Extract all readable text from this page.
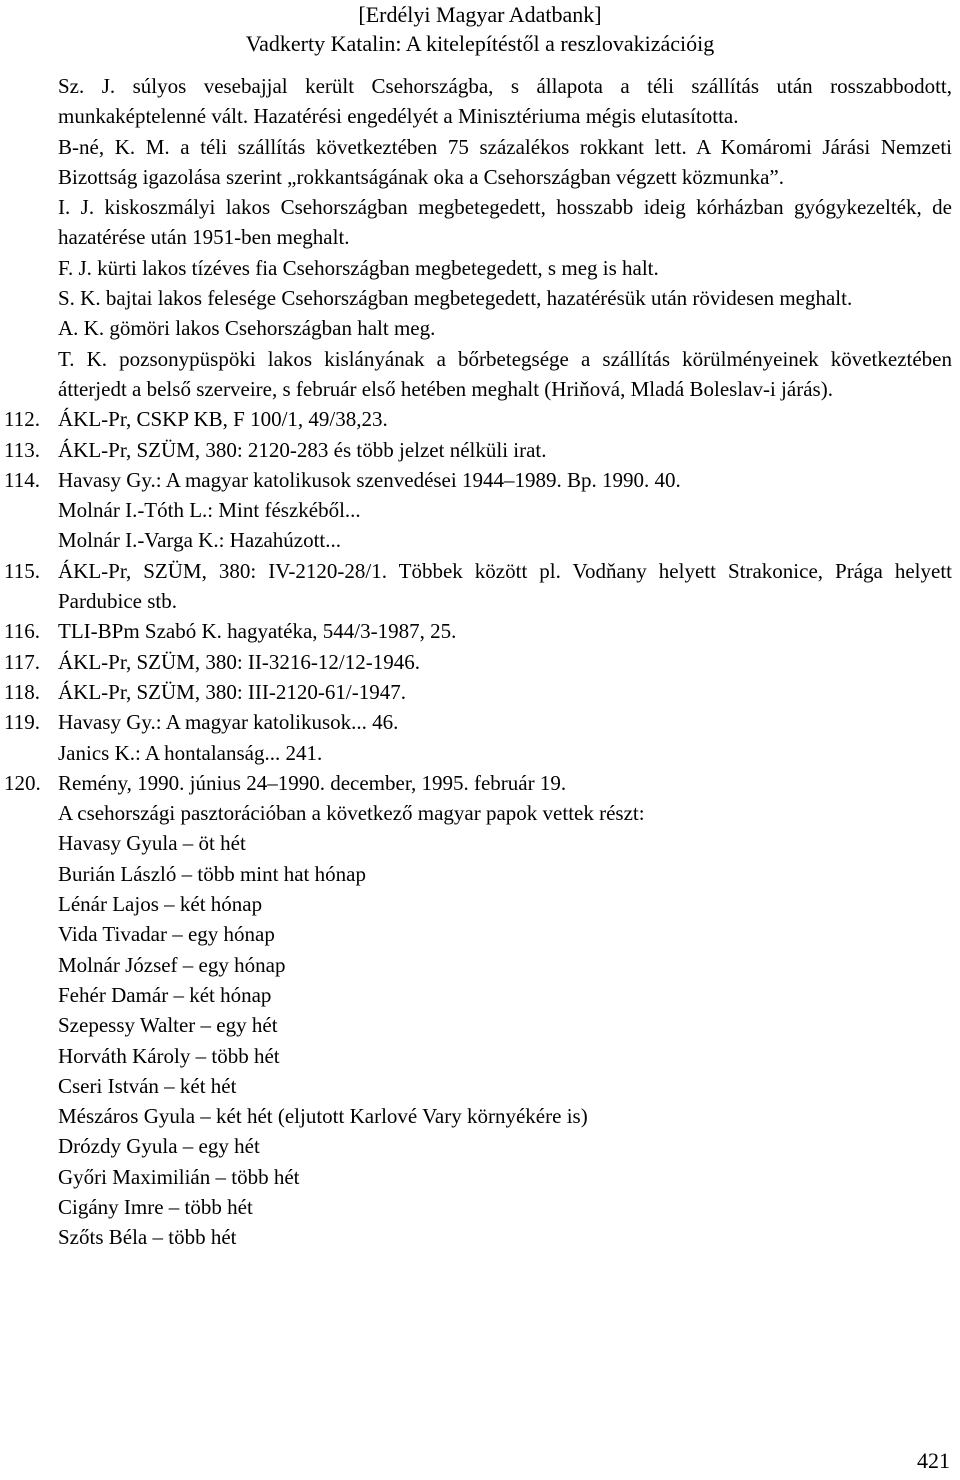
[Erdélyi Magyar Adatbank]
Vadkerty Katalin: A kitelepítéstől a reszlovakizációig
Sz. J. súlyos vesebajjal került Csehországba, s állapota a téli szállítás után rosszabbodott, munkaképtelenné vált. Hazatérési engedélyét a Minisztériuma mégis elutasította.
B-né, K. M. a téli szállítás következtében 75 százalékos rokkant lett. A Komáromi Járási Nemzeti Bizottság igazolása szerint „rokkantságának oka a Csehországban végzett közmunka”.
I. J. kiskoszmályi lakos Csehországban megbetegedett, hosszabb ideig kórházban gyógykezelték, de hazatérése után 1951-ben meghalt.
F. J. kürti lakos tízéves fia Csehországban megbetegedett, s meg is halt.
S. K. bajtai lakos felesége Csehországban megbetegedett, hazatérésük után rövidesen meghalt.
A. K. gömöri lakos Csehországban halt meg.
T. K. pozsonypüspöki lakos kislányának a bőrbetegsége a szállítás körülményeinek következtében átterjedt a belső szerveire, s február első hetében meghalt (Hriňová, Mladá Boleslav-i járás).
112. ÁKL-Pr, CSKP KB, F 100/1, 49/38,23.
113. ÁKL-Pr, SZÜM, 380: 2120-283 és több jelzet nélküli irat.
114. Havasy Gy.: A magyar katolikusok szenvedései 1944–1989. Bp. 1990. 40.
Molnár I.-Tóth L.: Mint fészkéből...
Molnár I.-Varga K.: Hazahúzott...
115. ÁKL-Pr, SZÜM, 380: IV-2120-28/1. Többek között pl. Vodňany helyett Strakonice, Prága helyett Pardubice stb.
116. TLI-BPm Szabó K. hagyatéka, 544/3-1987, 25.
117. ÁKL-Pr, SZÜM, 380: II-3216-12/12-1946.
118. ÁKL-Pr, SZÜM, 380: III-2120-61/-1947.
119. Havasy Gy.: A magyar katolikusok... 46.
Janics K.: A hontalanság... 241.
120. Remény, 1990. június 24–1990. december, 1995. február 19.
A csehországi pasztorációban a következő magyar papok vettek részt:
Havasy Gyula – öt hét
Burián László – több mint hat hónap
Lénár Lajos – két hónap
Vida Tivadar – egy hónap
Molnár József – egy hónap
Fehér Damár – két hónap
Szepessy Walter – egy hét
Horváth Károly – több hét
Cseri István – két hét
Mészáros Gyula – két hét (eljutott Karlové Vary környékére is)
Drózdy Gyula – egy hét
Győri Maximilián – több hét
Cigány Imre – több hét
Szőts Béla – több hét
421
